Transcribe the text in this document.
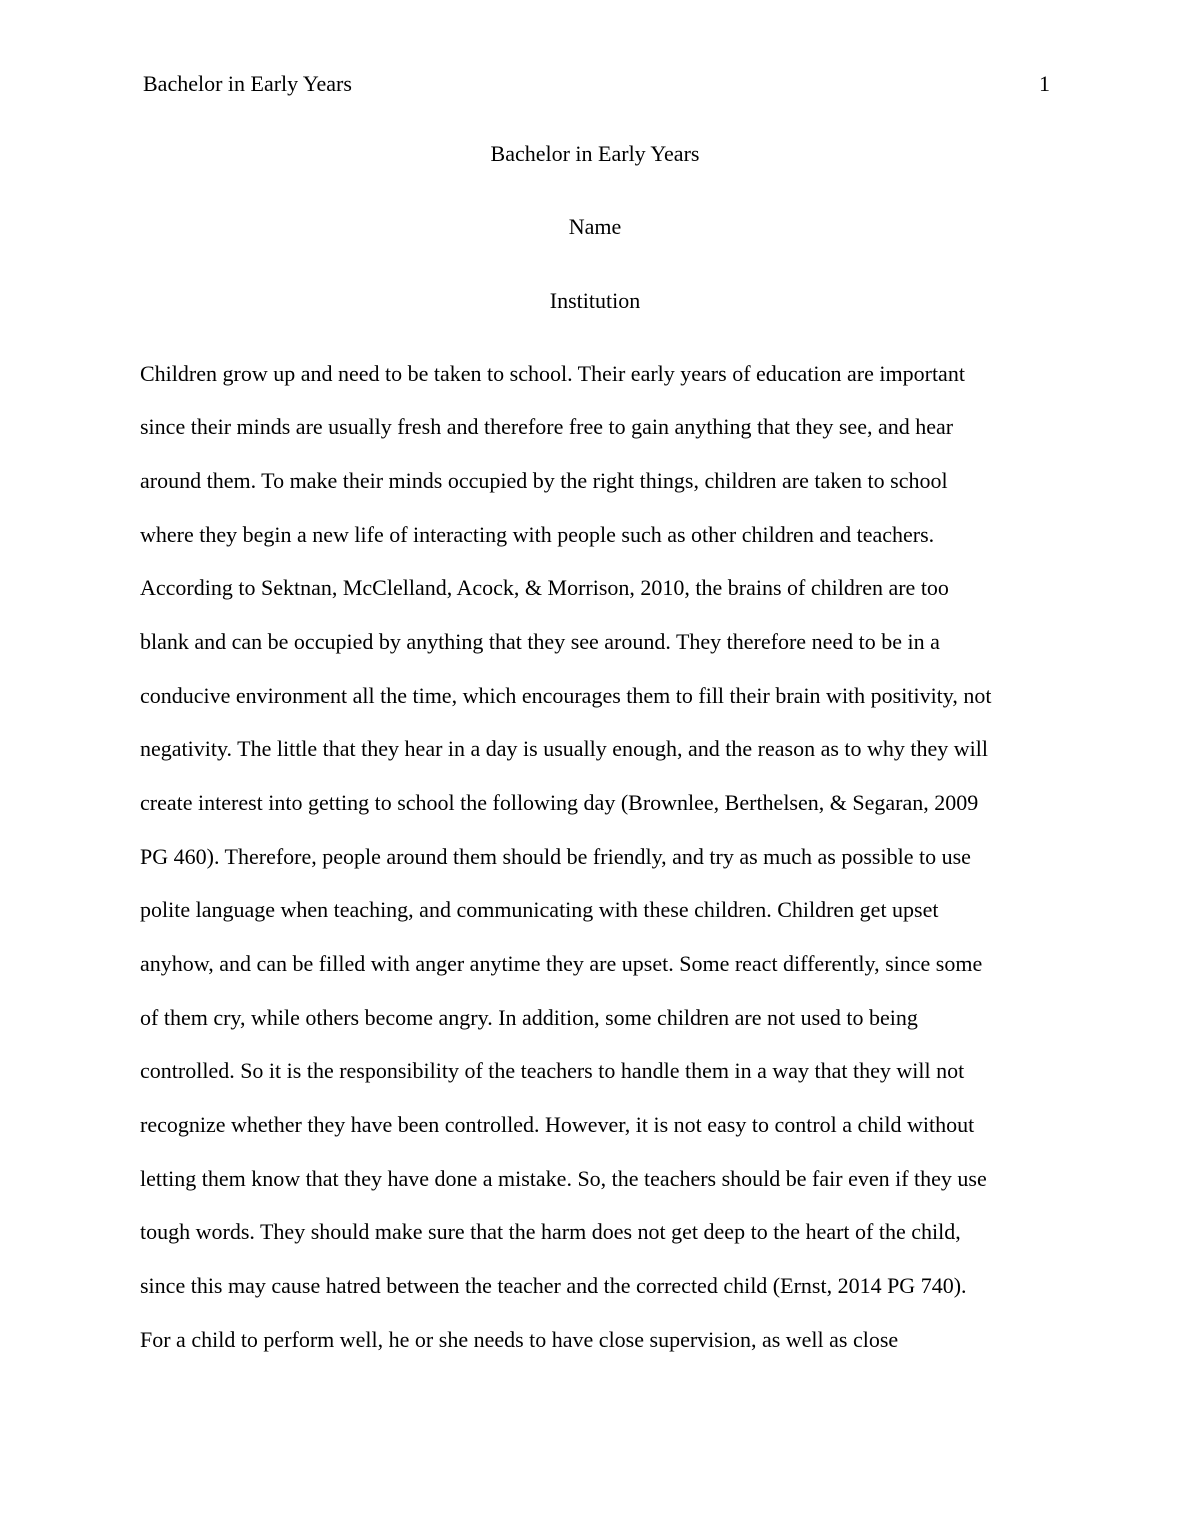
Bachelor in Early Years	1
Bachelor in Early Years
Name
Institution
Children grow up and need to be taken to school. Their early years of education are important
since their minds are usually fresh and therefore free to gain anything that they see, and hear
around them. To make their minds occupied by the right things, children are taken to school
where they begin a new life of interacting with people such as other children and teachers.
According to Sektnan, McClelland, Acock, & Morrison, 2010, the brains of children are too
blank and can be occupied by anything that they see around. They therefore need to be in a
conducive environment all the time, which encourages them to fill their brain with positivity, not
negativity. The little that they hear in a day is usually enough, and the reason as to why they will
create interest into getting to school the following day (Brownlee, Berthelsen, & Segaran, 2009
PG 460). Therefore, people around them should be friendly, and try as much as possible to use
polite language when teaching, and communicating with these children. Children get upset
anyhow, and can be filled with anger anytime they are upset. Some react differently, since some
of them cry, while others become angry. In addition, some children are not used to being
controlled. So it is the responsibility of the teachers to handle them in a way that they will not
recognize whether they have been controlled. However, it is not easy to control a child without
letting them know that they have done a mistake. So, the teachers should be fair even if they use
tough words. They should make sure that the harm does not get deep to the heart of the child,
since this may cause hatred between the teacher and the corrected child (Ernst, 2014 PG 740).
For a child to perform well, he or she needs to have close supervision, as well as close
